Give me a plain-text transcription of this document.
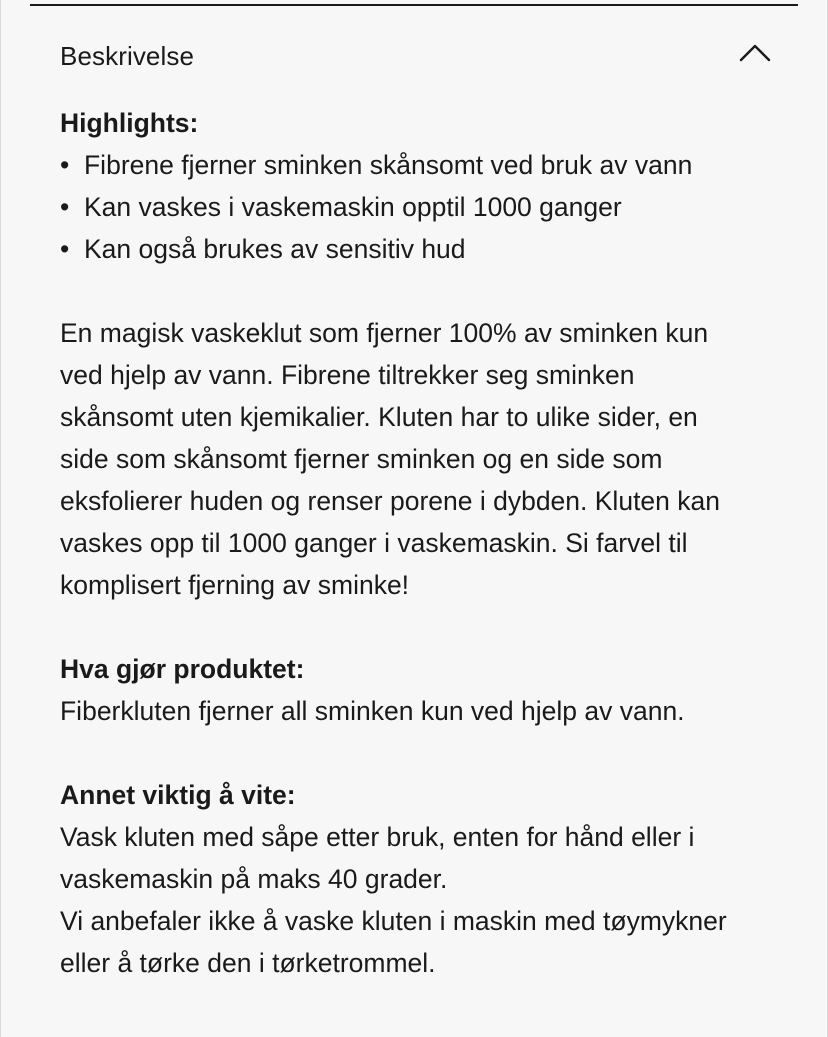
Beskrivelse

Highlights:

• Fibrene fjerner sminken skånsomt ved bruk av vann
• Kan vaskes i vaskemaskin opptil 1000 ganger
• Kan også brukes av sensitiv hud
En magisk vaskeklut som fjerner 100% av sminken kun
ved hjelp av vann. Fibrene tiltrekker seg sminken
skånsomt uten kjemikalier. Kluten har to ulike sider, en
side som skånsomt fjerner sminken og en side som
eksfolierer huden og renser porene i dybden. Kluten kan
vaskes opp til 1000 ganger i vaskemaskin. Si farvel til
komplisert fjerning av sminke!

Hva gjør produktet:

Fiberkluten fjerner all sminken kun ved hjelp av vann.

Annet viktig å vite:

Vask kluten med såpe etter bruk, enten for hånd eller i
vaskemaskin på maks 40 grader.
Vi anbefaler ikke å vaske kluten i maskin med tøymykner
eller å tørke den i tørketrommel.
